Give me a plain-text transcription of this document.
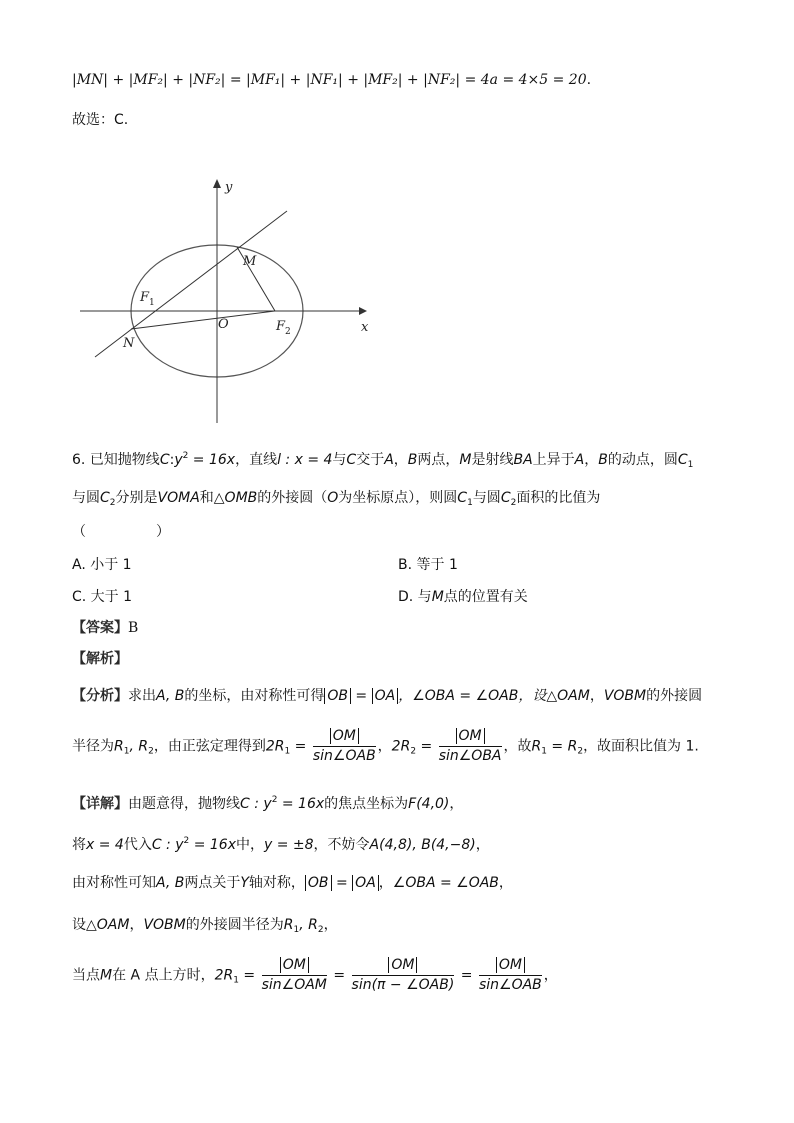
|MN| + |MF₂| + |NF₂| = |MF₁| + |NF₁| + |MF₂| + |NF₂| = 4a = 4×5 = 20.
故选：C.
y
x
M
F 1
O	F 2
N
6. 已知抛物线$C:y^2 = 16x$，直线l : x = 4与C交于A，B两点，M是射线BA上异于A，B的动点，圆$C_1$
与圆$C_2$分别是VOMA和△OMB的外接圆（O为坐标原点），则圆$C_1$与圆$C_2$面积的比值为
（　　　　　）
A. 小于 1	B. 等于 1
C. 大于 1	D. 与M点的位置有关
【答案】B
【解析】
【分析】求出A, B的坐标，由对称性可得 OB = OA ，∠OBA = ∠OAB，设△OAM，VOBM的外接圆
半径为$R_1$, $R_2$，由正弦定理得到$2R_1 = \frac{OM}{\text{sin∠OAB}}$ ，$2R_2 = \frac{OM}{\text{sin∠OBA}}$ ，故$R_1 = R_2$，故面积比值为 1.
【详解】由题意得，抛物线C : $y^2 = 16x$的焦点坐标为F(4,0)，
将x = 4代入C : $y^2 = 16x$中，y = ±8，不妨令A(4,8), B(4,−8)，
由对称性可知A, B两点关于Y轴对称， OB = OA ，∠OBA = ∠OAB，
设△OAM，VOBM的外接圆半径为$R_1$, $R_2$，
当点M在 A 点上方时，$2R_1 = \frac{OM}{\text{sin∠OAM}} = \frac{OM}{\text{sin(π − ∠OAB)}} = \frac{OM}{\text{sin∠OAB}}$ ，
